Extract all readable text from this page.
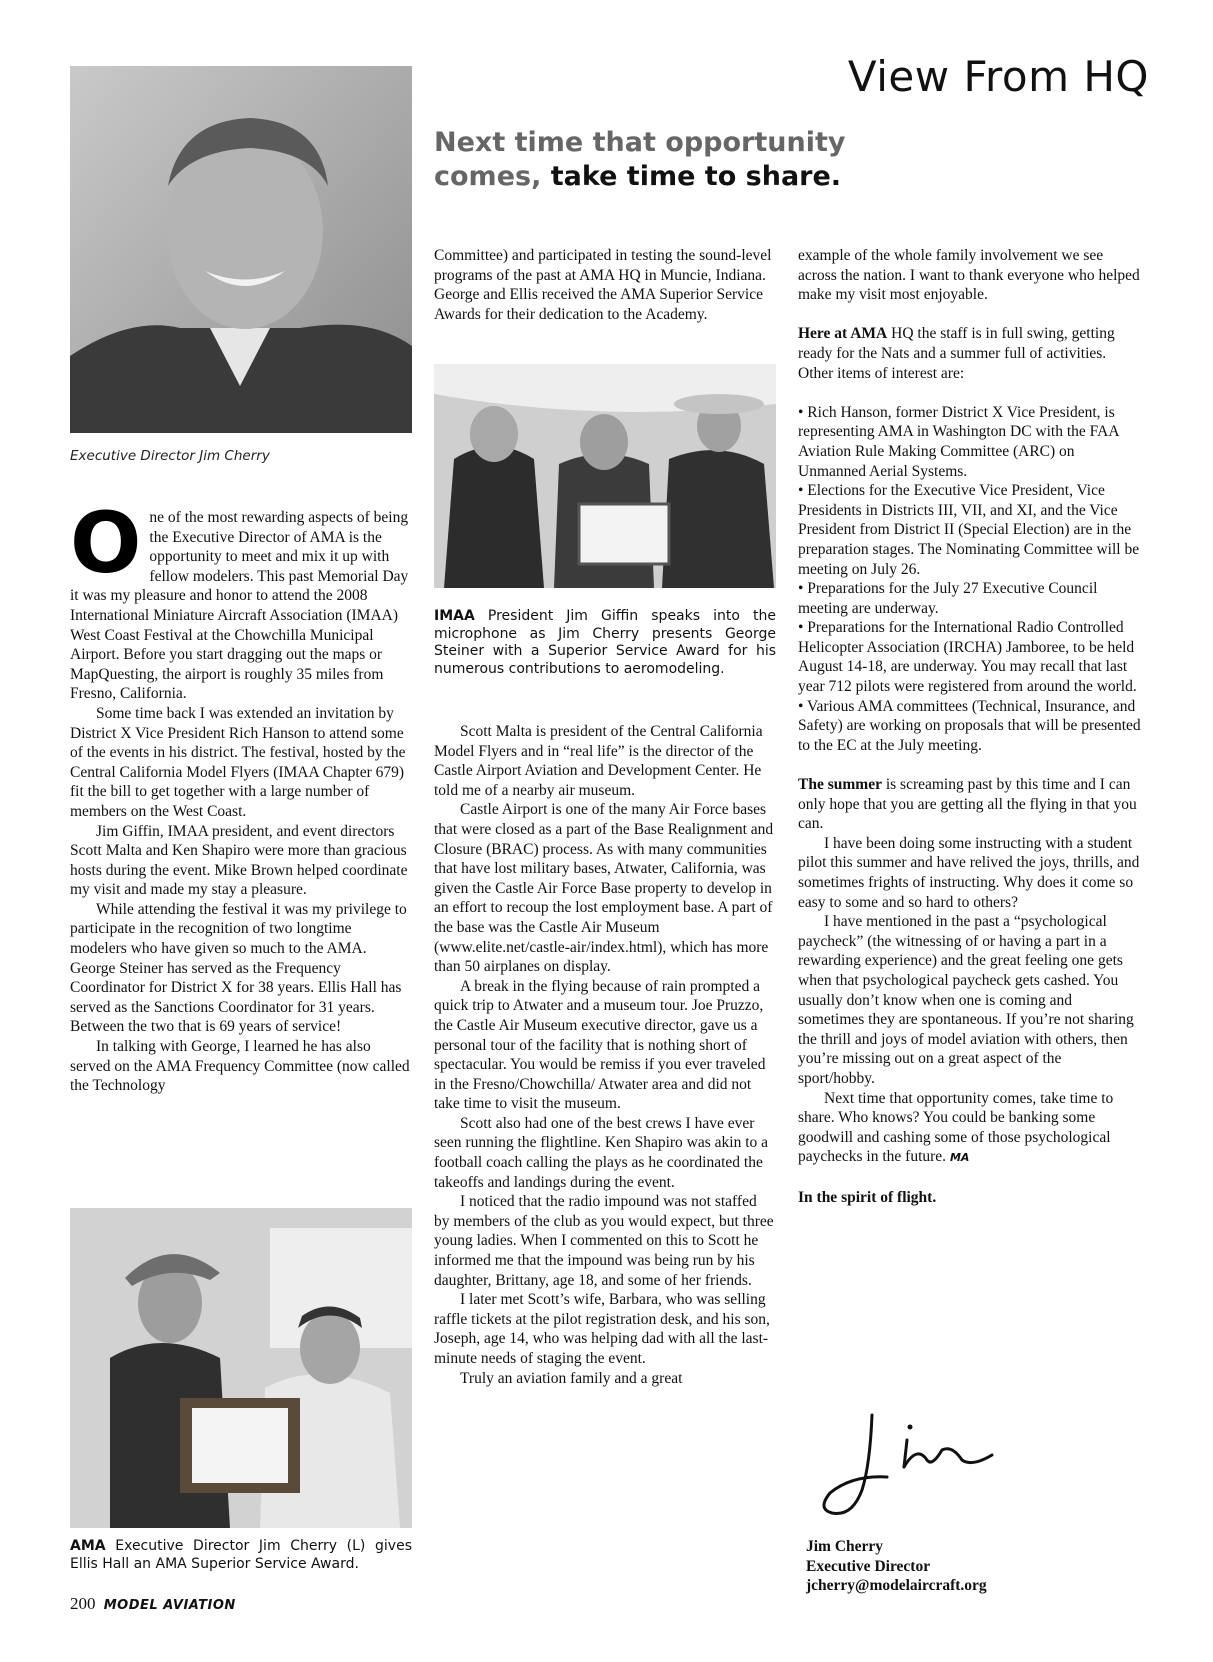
View From HQ
Next time that opportunity comes, take time to share.
Executive Director Jim Cherry

One of the most rewarding aspects of being the Executive Director of AMA is the opportunity to meet and mix it up with fellow modelers. This past Memorial Day it was my pleasure and honor to attend the 2008 International Miniature Aircraft Association (IMAA) West Coast Festival at the Chowchilla Municipal Airport. Before you start dragging out the maps or MapQuesting, the airport is roughly 35 miles from Fresno, California.

Some time back I was extended an invitation by District X Vice President Rich Hanson to attend some of the events in his district. The festival, hosted by the Central California Model Flyers (IMAA Chapter 679) fit the bill to get together with a large number of members on the West Coast.

Jim Giffin, IMAA president, and event directors Scott Malta and Ken Shapiro were more than gracious hosts during the event. Mike Brown helped coordinate my visit and made my stay a pleasure.

While attending the festival it was my privilege to participate in the recognition of two longtime modelers who have given so much to the AMA. George Steiner has served as the Frequency Coordinator for District X for 38 years. Ellis Hall has served as the Sanctions Coordinator for 31 years. Between the two that is 69 years of service!

In talking with George, I learned he has also served on the AMA Frequency Committee (now called the Technology

AMA Executive Director Jim Cherry (L) gives Ellis Hall an AMA Superior Service Award.

Committee) and participated in testing the sound-level programs of the past at AMA HQ in Muncie, Indiana. George and Ellis received the AMA Superior Service Awards for their dedication to the Academy.

IMAA President Jim Giffin speaks into the microphone as Jim Cherry presents George Steiner with a Superior Service Award for his numerous contributions to aeromodeling.

Scott Malta is president of the Central California Model Flyers and in “real life” is the director of the Castle Airport Aviation and Development Center. He told me of a nearby air museum.

Castle Airport is one of the many Air Force bases that were closed as a part of the Base Realignment and Closure (BRAC) process. As with many communities that have lost military bases, Atwater, California, was given the Castle Air Force Base property to develop in an effort to recoup the lost employment base. A part of the base was the Castle Air Museum (www.elite.net/castle-air/index.html), which has more than 50 airplanes on display.

A break in the flying because of rain prompted a quick trip to Atwater and a museum tour. Joe Pruzzo, the Castle Air Museum executive director, gave us a personal tour of the facility that is nothing short of spectacular. You would be remiss if you ever traveled in the Fresno/Chowchilla/ Atwater area and did not take time to visit the museum.

Scott also had one of the best crews I have ever seen running the flightline. Ken Shapiro was akin to a football coach calling the plays as he coordinated the takeoffs and landings during the event.

I noticed that the radio impound was not staffed by members of the club as you would expect, but three young ladies. When I commented on this to Scott he informed me that the impound was being run by his daughter, Brittany, age 18, and some of her friends.

I later met Scott’s wife, Barbara, who was selling raffle tickets at the pilot registration desk, and his son, Joseph, age 14, who was helping dad with all the last-minute needs of staging the event.

Truly an aviation family and a great

example of the whole family involvement we see across the nation. I want to thank everyone who helped make my visit most enjoyable.

Here at AMA HQ the staff is in full swing, getting ready for the Nats and a summer full of activities. Other items of interest are:

• Rich Hanson, former District X Vice President, is representing AMA in Washington DC with the FAA Aviation Rule Making Committee (ARC) on Unmanned Aerial Systems.

• Elections for the Executive Vice President, Vice Presidents in Districts III, VII, and XI, and the Vice President from District II (Special Election) are in the preparation stages. The Nominating Committee will be meeting on July 26.

• Preparations for the July 27 Executive Council meeting are underway.

• Preparations for the International Radio Controlled Helicopter Association (IRCHA) Jamboree, to be held August 14-18, are underway. You may recall that last year 712 pilots were registered from around the world.

• Various AMA committees (Technical, Insurance, and Safety) are working on proposals that will be presented to the EC at the July meeting.

The summer is screaming past by this time and I can only hope that you are getting all the flying in that you can.

I have been doing some instructing with a student pilot this summer and have relived the joys, thrills, and sometimes frights of instructing. Why does it come so easy to some and so hard to others?

I have mentioned in the past a “psychological paycheck” (the witnessing of or having a part in a rewarding experience) and the great feeling one gets when that psychological paycheck gets cashed. You usually don’t know when one is coming and sometimes they are spontaneous. If you’re not sharing the thrill and joys of model aviation with others, then you’re missing out on a great aspect of the sport/hobby.

Next time that opportunity comes, take time to share. Who knows? You could be banking some goodwill and cashing some of those psychological paychecks in the future. MA

In the spirit of flight.

Jim Cherry
Executive Director
jcherry@modelaircraft.org
200 MODEL AVIATION
